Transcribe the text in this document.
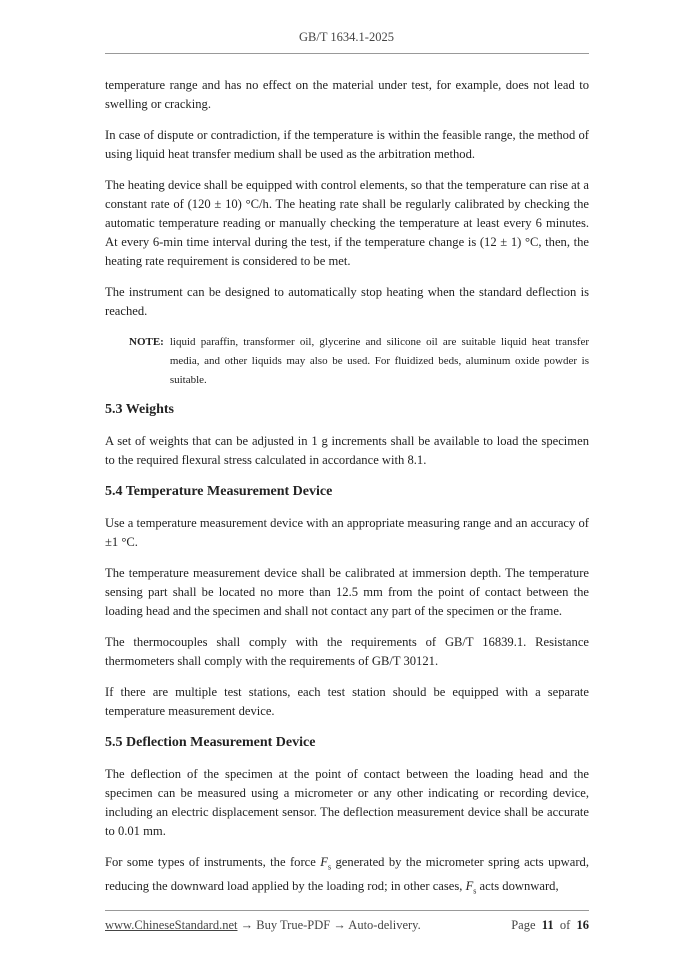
GB/T 1634.1-2025

temperature range and has no effect on the material under test, for example, does not lead to swelling or cracking.

In case of dispute or contradiction, if the temperature is within the feasible range, the method of using liquid heat transfer medium shall be used as the arbitration method.

The heating device shall be equipped with control elements, so that the temperature can rise at a constant rate of (120 ± 10) °C/h. The heating rate shall be regularly calibrated by checking the automatic temperature reading or manually checking the temperature at least every 6 minutes. At every 6-min time interval during the test, if the temperature change is (12 ± 1) °C, then, the heating rate requirement is considered to be met.

The instrument can be designed to automatically stop heating when the standard deflection is reached.

NOTE: liquid paraffin, transformer oil, glycerine and silicone oil are suitable liquid heat transfer media, and other liquids may also be used. For fluidized beds, aluminum oxide powder is suitable.
5.3 Weights

A set of weights that can be adjusted in 1 g increments shall be available to load the specimen to the required flexural stress calculated in accordance with 8.1.

5.4 Temperature Measurement Device

Use a temperature measurement device with an appropriate measuring range and an accuracy of ±1 °C.

The temperature measurement device shall be calibrated at immersion depth. The temperature sensing part shall be located no more than 12.5 mm from the point of contact between the loading head and the specimen and shall not contact any part of the specimen or the frame.

The thermocouples shall comply with the requirements of GB/T 16839.1. Resistance thermometers shall comply with the requirements of GB/T 30121.

If there are multiple test stations, each test station should be equipped with a separate temperature measurement device.

5.5 Deflection Measurement Device

The deflection of the specimen at the point of contact between the loading head and the specimen can be measured using a micrometer or any other indicating or recording device, including an electric displacement sensor. The deflection measurement device shall be accurate to 0.01 mm.

For some types of instruments, the force $F_s$ generated by the micrometer spring acts upward, reducing the downward load applied by the loading rod; in other cases, $F_s$ acts downward,

www.ChineseStandard.net → Buy True-PDF → Auto-delivery.	Page 11 of 16
